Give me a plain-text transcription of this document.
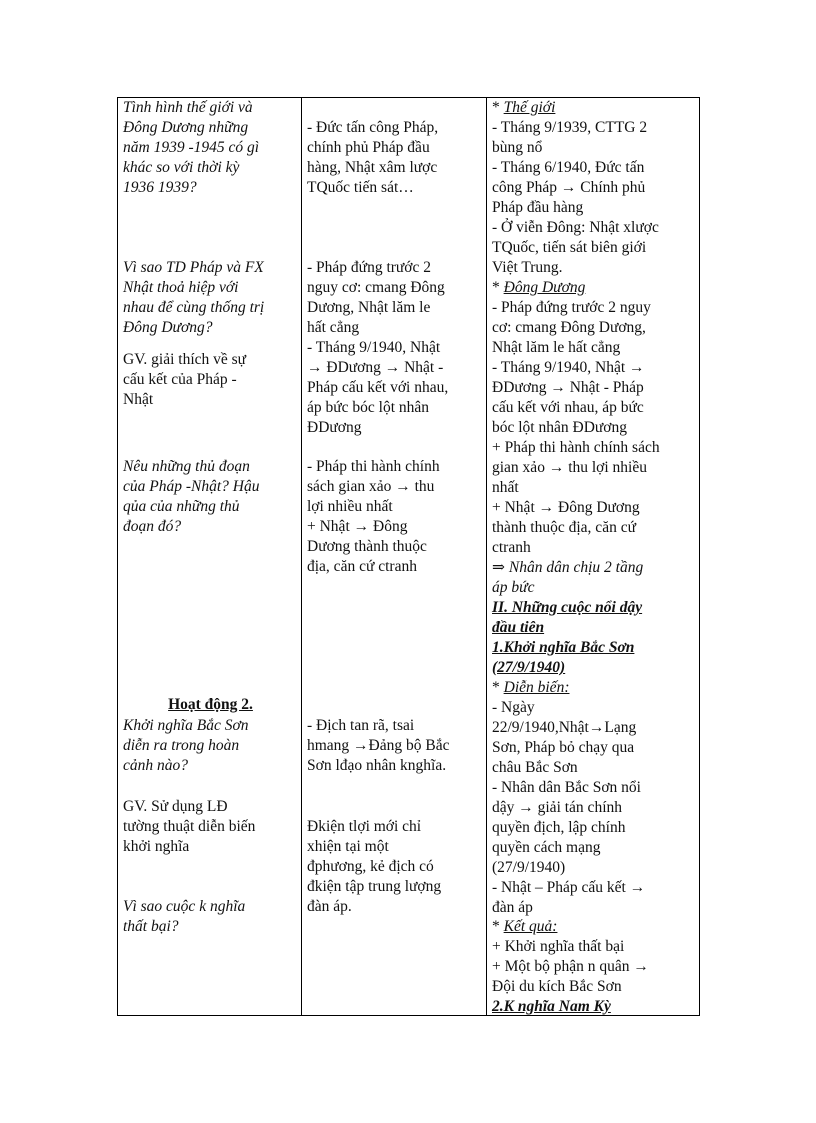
Tình hình thế giới và
Đông Dương những
năm 1939 -1945 có gì
khác so với thời kỳ
1936 1939?
Vì sao TD Pháp và FX
Nhật thoả hiệp với
nhau để cùng thống trị
Đông Dương?
GV. giải thích về sự
cấu kết của Pháp -
Nhật
Nêu những thủ đoạn
của Pháp -Nhật? Hậu
qủa của những thủ
đoạn đó?
Hoạt động 2.
Khởi nghĩa Bắc Sơn
diễn ra trong hoàn
cảnh nào?
GV. Sử dụng LĐ
tường thuật diễn biến
khởi nghĩa
Vì sao cuộc k nghĩa
thất bại?
- Đức tấn công Pháp,
chính phủ Pháp đầu
hàng, Nhật xâm lược
TQuốc tiến sát…
- Pháp đứng trước 2
nguy cơ: cmang Đông
Dương, Nhật lăm le
hất cẳng
- Tháng 9/1940, Nhật
→ ĐDương → Nhật -
Pháp cấu kết với nhau,
áp bức bóc lột nhân
ĐDương
- Pháp thi hành chính
sách gian xảo → thu
lợi nhiều nhất
+ Nhật → Đông
Dương thành thuộc
địa, căn cứ ctranh
- Địch tan rã, tsai
hmang →Đảng bộ Bắc
Sơn lđạo nhân knghĩa.
Đkiện tlợi mới chỉ
xhiện tại một
đphương, kẻ địch có
đkiện tập trung lượng
đàn áp.
* Thế giới
- Tháng 9/1939, CTTG 2
bùng nổ
- Tháng 6/1940, Đức tấn
công Pháp → Chính phủ
Pháp đầu hàng
- Ở viễn Đông: Nhật xlược
TQuốc, tiến sát biên giới
Việt Trung.
* Đông Dương
- Pháp đứng trước 2 nguy
cơ: cmang Đông Dương,
Nhật lăm le hất cẳng
- Tháng 9/1940, Nhật →
ĐDương → Nhật - Pháp
cấu kết với nhau, áp bức
bóc lột nhân ĐDương
+ Pháp thi hành chính sách
gian xảo → thu lợi nhiều
nhất
+ Nhật → Đông Dương
thành thuộc địa, căn cứ
ctranh
⇒ Nhân dân chịu 2 tầng
áp bức
II. Những cuộc nổi dậy
đầu tiên
1.Khởi nghĩa Bắc Sơn
(27/9/1940)
* Diễn biến:
- Ngày
22/9/1940,Nhật→Lạng
Sơn, Pháp bỏ chạy qua
châu Bắc Sơn
- Nhân dân Bắc Sơn nổi
dậy → giải tán chính
quyền địch, lập chính
quyền cách mạng
(27/9/1940)
- Nhật – Pháp cấu kết →
đàn áp
* Kết quả:
+ Khởi nghĩa thất bại
+ Một bộ phận n quân →
Đội du kích Bắc Sơn
2.K nghĩa Nam Kỳ
